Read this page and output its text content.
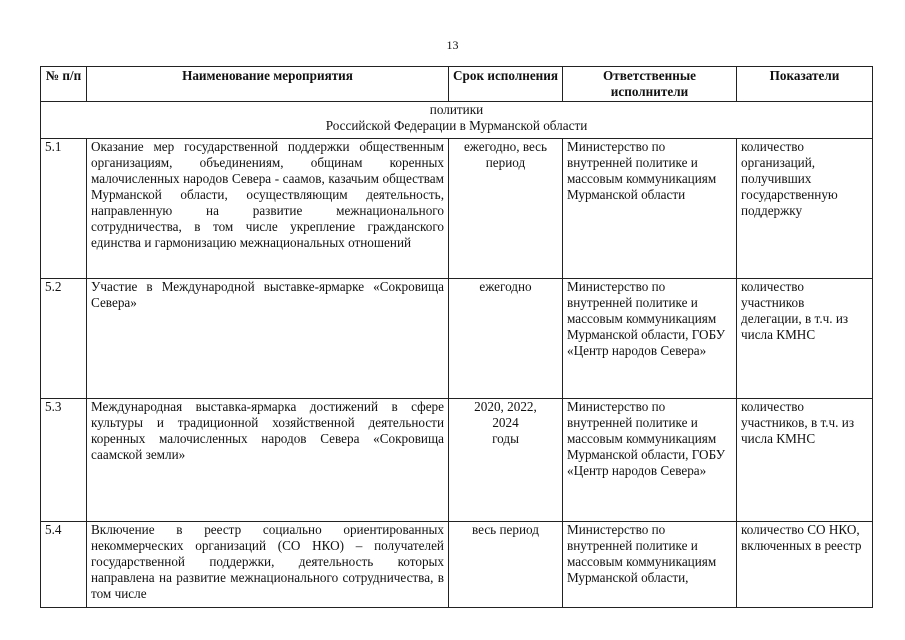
13
№ п/п	Наименование мероприятия	Срок исполнения	Ответственные исполнители	Показатели

политики
Российской Федерации в Мурманской области				

5.1	Оказание мер государственной поддержки общественным организациям, объединениям, общинам коренных малочисленных народов Севера - саамов, казачьим обществам Мурманской области, осуществляющим деятельность, направленную на развитие межнационального сотрудничества, в том числе укрепление гражданского единства и гармонизацию межнациональных отношений	ежегодно, весь период	Министерство по внутренней политике и массовым коммуникациям Мурманской области	количество организаций, получивших государственную поддержку
5.2	Участие в Международной выставке-ярмарке «Сокровища Севера»	ежегодно	Министерство по внутренней политике и массовым коммуникациям Мурманской области, ГОБУ «Центр народов Севера»	количество участников делегации, в т.ч. из числа КМНС
5.3	Международная выставка-ярмарка достижений в сфере культуры и традиционной хозяйственной деятельности коренных малочисленных народов Севера «Сокровища саамской земли»	2020, 2022,
2024
годы	Министерство по внутренней политике и массовым коммуникациям Мурманской области, ГОБУ «Центр народов Севера»	количество участников, в т.ч. из числа КМНС
5.4	Включение в реестр социально ориентированных некоммерческих организаций (СО НКО) – получателей государственной поддержки, деятельность которых направлена на развитие межнационального сотрудничества, в том числе	весь период	Министерство по внутренней политике и массовым коммуникациям Мурманской области,	количество СО НКО, включенных в реестр
